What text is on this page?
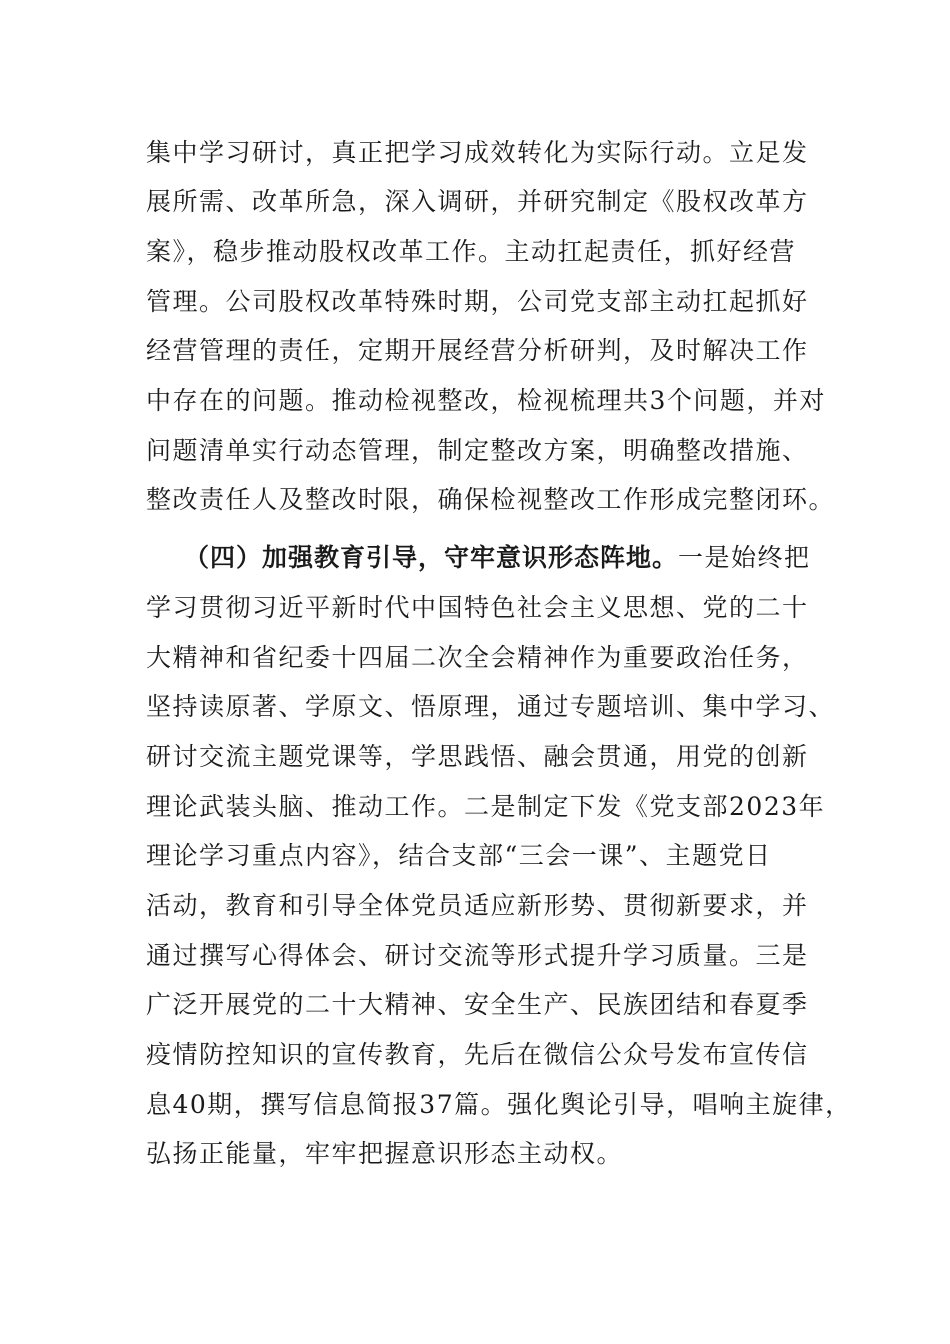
集中学习研讨，真正把学习成效转化为实际行动。立足发
展所需、改革所急，深入调研，并研究制定《股权改革方
案》，稳步推动股权改革工作。主动扛起责任，抓好经营
管理。公司股权改革特殊时期，公司党支部主动扛起抓好
经营管理的责任，定期开展经营分析研判，及时解决工作
中存在的问题。推动检视整改，检视梳理共3个问题，并对
问题清单实行动态管理，制定整改方案，明确整改措施、
整改责任人及整改时限，确保检视整改工作形成完整闭环。
（四）加强教育引导，守牢意识形态阵地。一是始终把
学习贯彻习近平新时代中国特色社会主义思想、党的二十
大精神和省纪委十四届二次全会精神作为重要政治任务，
坚持读原著、学原文、悟原理，通过专题培训、集中学习、
研讨交流主题党课等，学思践悟、融会贯通，用党的创新
理论武装头脑、推动工作。二是制定下发《党支部2023年
理论学习重点内容》，结合支部“三会一课”、主题党日
活动，教育和引导全体党员适应新形势、贯彻新要求，并
通过撰写心得体会、研讨交流等形式提升学习质量。三是
广泛开展党的二十大精神、安全生产、民族团结和春夏季
疫情防控知识的宣传教育，先后在微信公众号发布宣传信
息40期，撰写信息简报37篇。强化舆论引导，唱响主旋律，
弘扬正能量，牢牢把握意识形态主动权。
